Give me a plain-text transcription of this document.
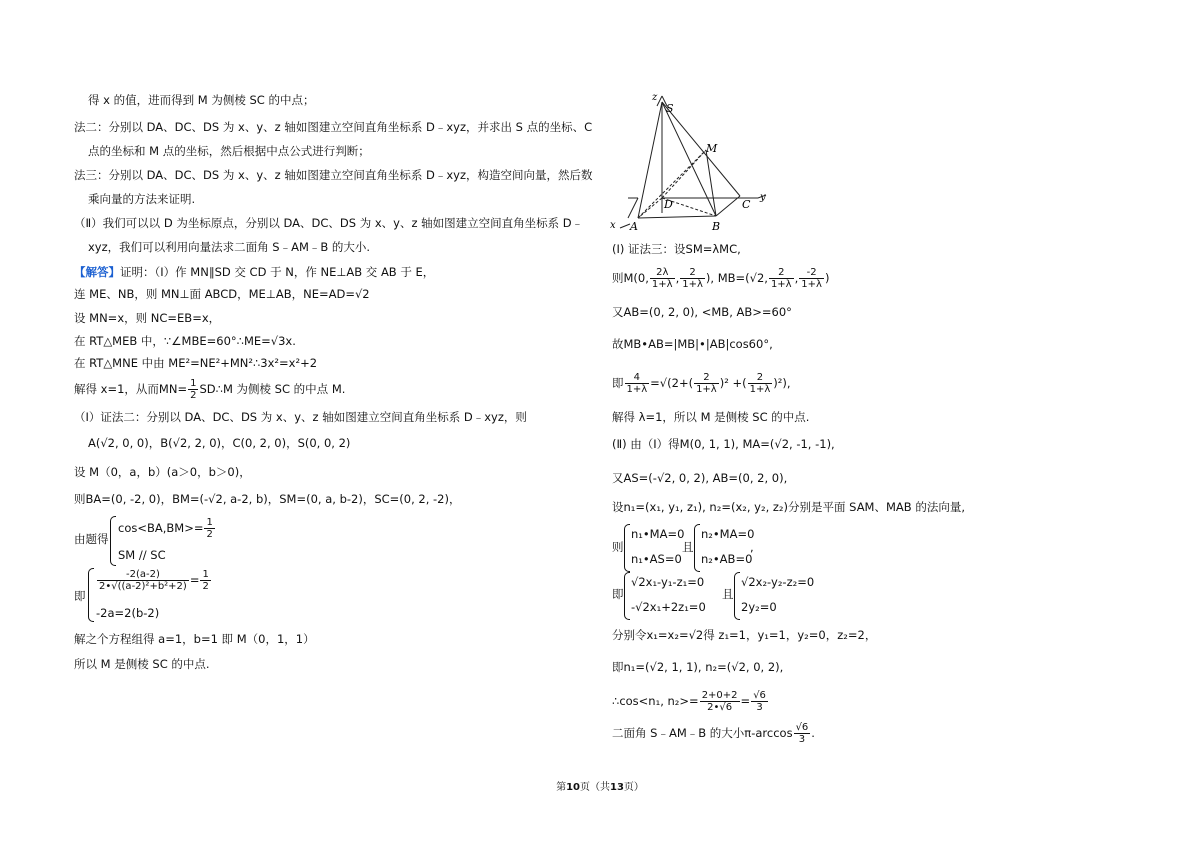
得 x 的值，进而得到 M 为侧棱 SC 的中点；
法二：分别以 DA、DC、DS 为 x、y、z 轴如图建立空间直角坐标系 D﹣xyz，并求出 S 点的坐标、C
点的坐标和 M 点的坐标，然后根据中点公式进行判断；
法三：分别以 DA、DC、DS 为 x、y、z 轴如图建立空间直角坐标系 D﹣xyz，构造空间向量，然后数
乘向量的方法来证明.
（Ⅱ）我们可以以 D 为坐标原点，分别以 DA、DC、DS 为 x、y、z 轴如图建立空间直角坐标系 D﹣
xyz，我们可以利用向量法求二面角 S﹣AM﹣B 的大小.
【解答】证明：（Ⅰ）作 MN∥SD 交 CD 于 N，作 NE⊥AB 交 AB 于 E，
连 ME、NB，则 MN⊥面 ABCD，ME⊥AB，NE=AD=√2
设 MN=x，则 NC=EB=x，
在 RT△MEB 中，∵∠MBE=60°∴ME=√3x.
在 RT△MNE 中由 ME²=NE²+MN²∴3x²=x²+2
解得 x=1，从而$MN= \frac{1}{2}$ SD∴M 为侧棱 SC 的中点 M.
（Ⅰ）证法二：分别以 DA、DC、DS 为 x、y、z 轴如图建立空间直角坐标系 D﹣xyz，则
A(√2, 0, 0)，B(√2, 2, 0)，C(0, 2, 0)，S(0, 0, 2)
设 M（0，a，b）(a＞0，b＞0)，
则BA=(0, -2, 0)，BM=(-√2, a-2, b)，SM=(0, a, b-2)，SC=(0, 2, -2)，
由题得
$\cos<BA,BM>= \frac{1}{2}$
SM // SC
即
$\frac{-2(a-2)}{\text{2•√((a-2)²+b²+2)}} = \frac{1}{2}$
-2a=2(b-2)
解之个方程组得 a=1，b=1 即 M（0，1，1）
所以 M 是侧棱 SC 的中点.
z
S
M
D	C
y
x A	B
(Ⅰ) 证法三：设SM=λMC,
则M(0, $\frac{2\lambda}{1+\lambda}$ , $\frac{2}{1+\lambda}$ ), MB=(√2, $\frac{2}{1+\lambda}$ , $\frac{-2}{1+\lambda}$ )
又AB=(0, 2, 0), <MB, AB>=60°
故MB•AB=|MB|•|AB|cos60°,
即 $\frac{4}{1+\lambda} =√(2+( \frac{2}{1+\lambda} )^2$ +( $\frac{2}{1+\lambda} )^2$),
解得 λ=1，所以 M 是侧棱 SC 的中点.
(Ⅱ) 由（Ⅰ）得M(0, 1, 1), MA=(√2, -1, -1),
又AS=(-√2, 0, 2), AB=(0, 2, 0),
设n₁=(x₁, y₁, z₁), n₂=(x₂, y₂, z₂)分别是平面 SAM、MAB 的法向量,
则
n₁•MA=0
n₁•AS=0
且
n₂•MA=0
n₂•AB=0
,
即
√2x₁-y₁-z₁=0
-√2x₁+2z₁=0
且
√2x₂-y₂-z₂=0
2y₂=0
分别令x₁=x₂=√2得 z₁=1，y₁=1，y₂=0，z₂=2，
即n₁=(√2, 1, 1), n₂=(√2, 0, 2),
∴cos<n₁, $n_2>= \frac{2+0+2}{2•√6} = \frac{√6}{3}$
二面角 S﹣AM﹣B 的大小$\pi-\arccos \frac{√6}{3}$ .
第10页（共13页）
